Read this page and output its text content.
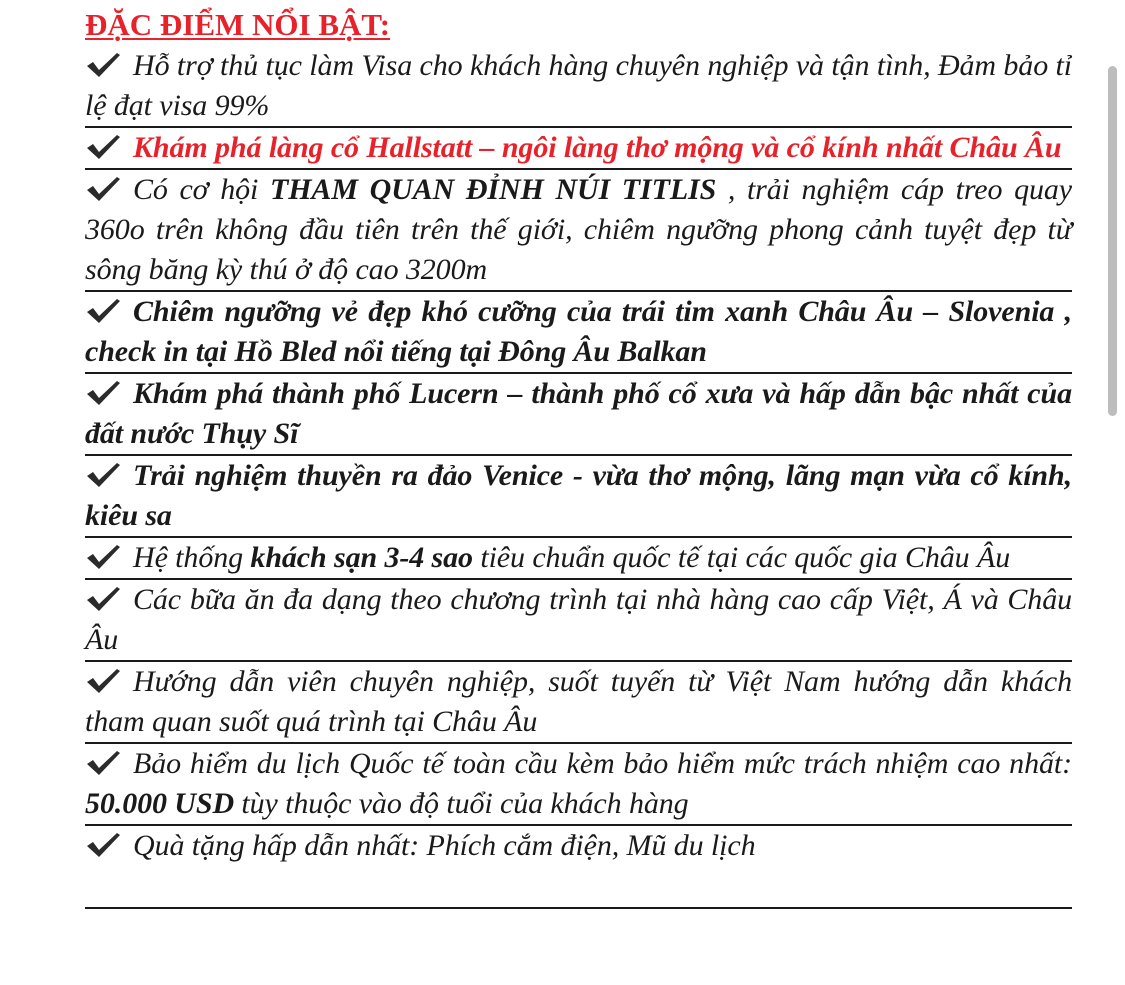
ĐẶC ĐIỂM NỔI BẬT:
Hỗ trợ thủ tục làm Visa cho khách hàng chuyên nghiệp và tận tình, Đảm bảo tỉ lệ đạt visa 99%
Khám phá làng cổ Hallstatt – ngôi làng thơ mộng và cổ kính nhất Châu Âu
Có cơ hội THAM QUAN ĐỈNH NÚI TITLIS , trải nghiệm cáp treo quay 360o trên không đầu tiên trên thế giới, chiêm ngưỡng phong cảnh tuyệt đẹp từ sông băng kỳ thú ở độ cao 3200m
Chiêm ngưỡng vẻ đẹp khó cưỡng của trái tim xanh Châu Âu – Slovenia , check in tại Hồ Bled nổi tiếng tại Đông Âu Balkan
Khám phá thành phố Lucern – thành phố cổ xưa và hấp dẫn bậc nhất của đất nước Thụy Sĩ
Trải nghiệm thuyền ra đảo Venice - vừa thơ mộng, lãng mạn vừa cổ kính, kiêu sa
Hệ thống khách sạn 3-4 sao tiêu chuẩn quốc tế tại các quốc gia Châu Âu
Các bữa ăn đa dạng theo chương trình tại nhà hàng cao cấp Việt, Á và Châu Âu
Hướng dẫn viên chuyên nghiệp, suốt tuyến từ Việt Nam hướng dẫn khách tham quan suốt quá trình tại Châu Âu
Bảo hiểm du lịch Quốc tế toàn cầu kèm bảo hiểm mức trách nhiệm cao nhất: 50.000 USD tùy thuộc vào độ tuổi của khách hàng
Quà tặng hấp dẫn nhất: Phích cắm điện, Mũ du lịch
